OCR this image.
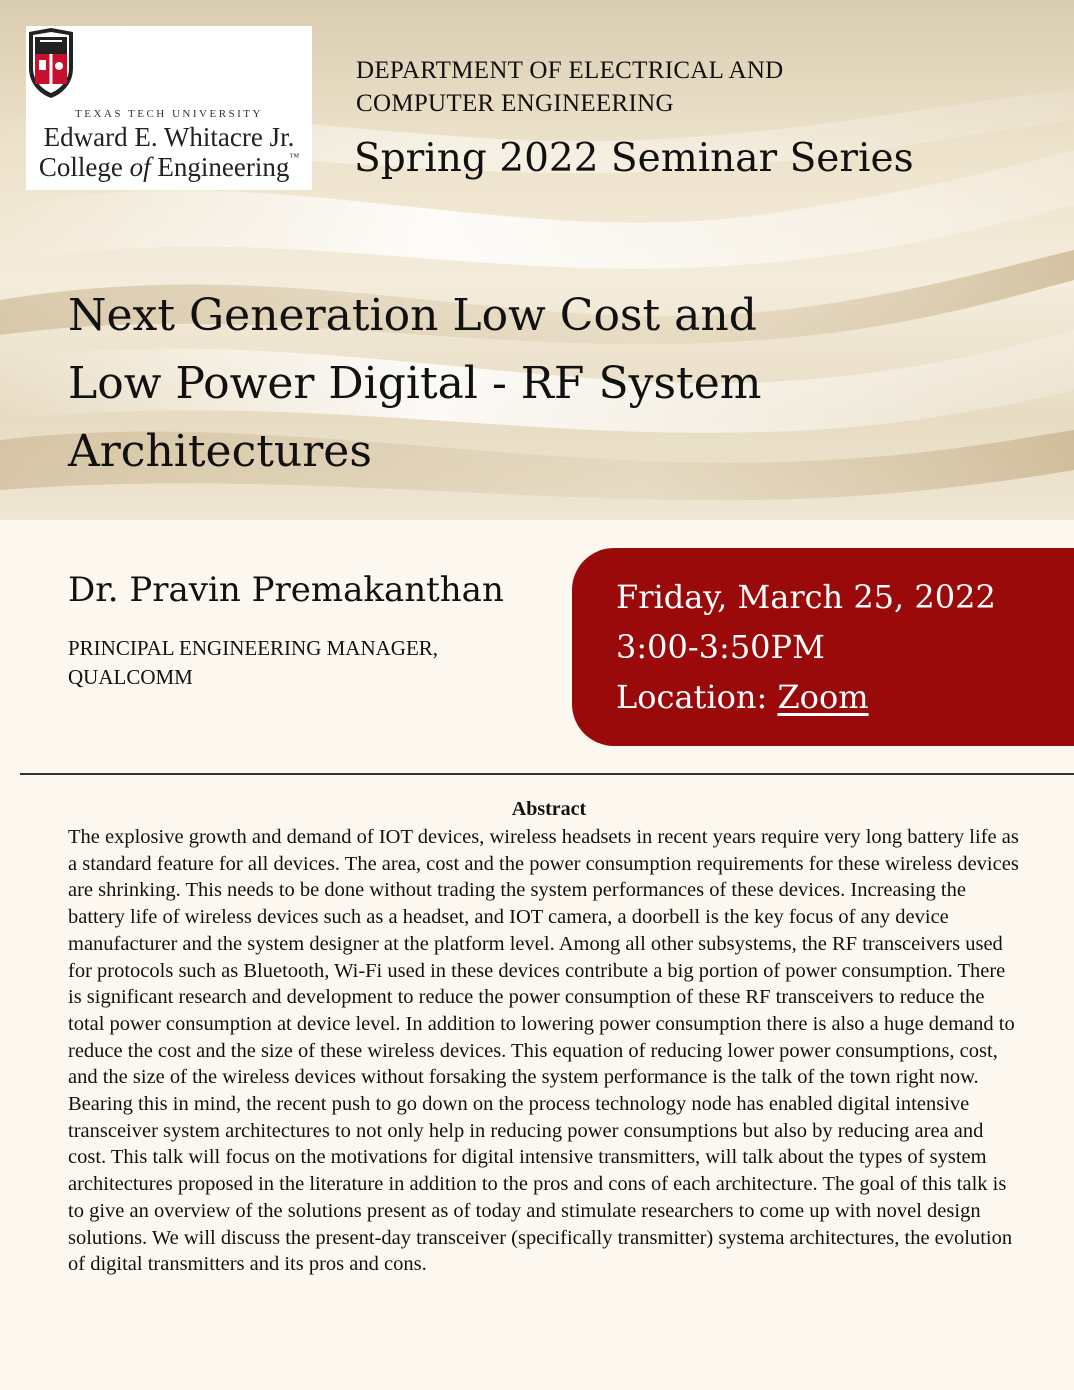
TEXAS TECH UNIVERSITY
Edward E. Whitacre Jr.
College of Engineering™
DEPARTMENT OF ELECTRICAL AND
COMPUTER ENGINEERING
Spring 2022 Seminar Series
Next Generation Low Cost and
Low Power Digital - RF System
Architectures
Dr. Pravin Premakanthan
PRINCIPAL ENGINEERING MANAGER,
QUALCOMM
Friday, March 25, 2022
3:00-3:50PM
Location: Zoom
Abstract
The explosive growth and demand of IOT devices, wireless headsets in recent years require very long battery life as a standard feature for all devices. The area, cost and the power consumption requirements for these wireless devices are shrinking. This needs to be done without trading the system performances of these devices. Increasing the battery life of wireless devices such as a headset, and IOT camera, a doorbell is the key focus of any device manufacturer and the system designer at the platform level. Among all other subsystems, the RF transceivers used for protocols such as Bluetooth, Wi-Fi used in these devices contribute a big portion of power consumption. There is significant research and development to reduce the power consumption of these RF transceivers to reduce the total power consumption at device level. In addition to lowering power consumption there is also a huge demand to reduce the cost and the size of these wireless devices. This equation of reducing lower power consumptions, cost, and the size of the wireless devices without forsaking the system performance is the talk of the town right now. Bearing this in mind, the recent push to go down on the process technology node has enabled digital intensive transceiver system architectures to not only help in reducing power consumptions but also by reducing area and cost. This talk will focus on the motivations for digital intensive transmitters, will talk about the types of system architectures proposed in the literature in addition to the pros and cons of each architecture. The goal of this talk is to give an overview of the solutions present as of today and stimulate researchers to come up with novel design solutions. We will discuss the present-day transceiver (specifically transmitter) systema architectures, the evolution of digital transmitters and its pros and cons.
